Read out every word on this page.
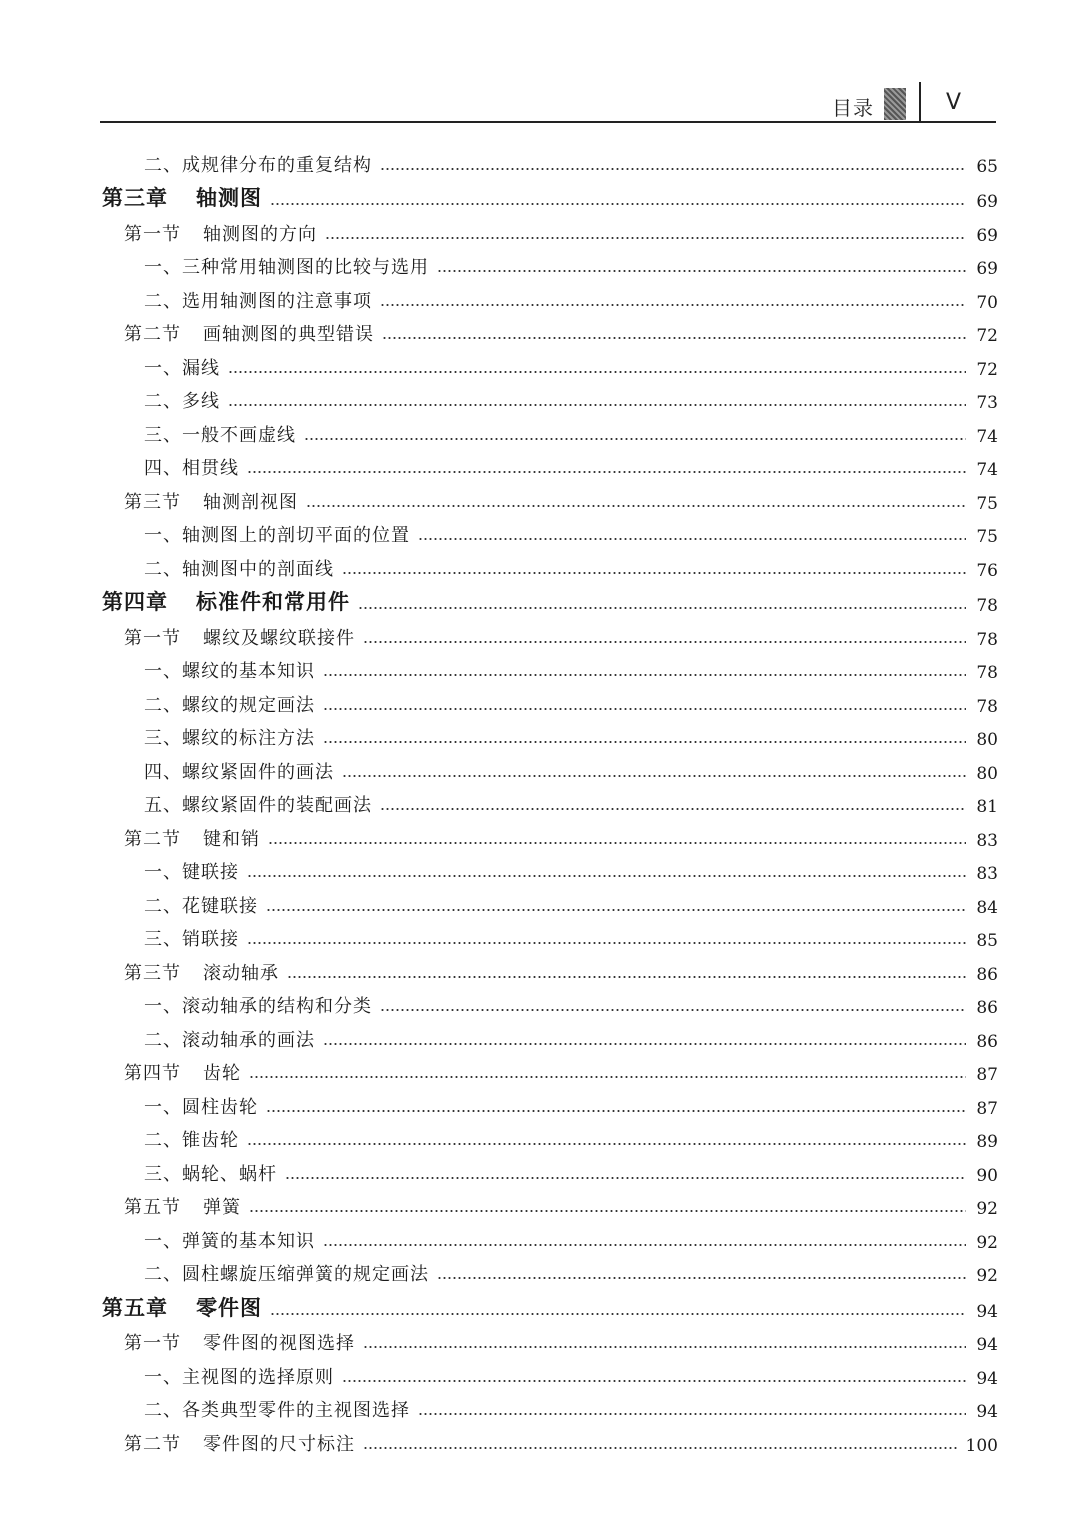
目录	V
二、成规律分布的重复结构	65
第三章 轴测图	69
第一节 轴测图的方向	69
一、三种常用轴测图的比较与选用	69
二、选用轴测图的注意事项	70
第二节 画轴测图的典型错误	72
一、漏线	72
二、多线	73
三、一般不画虚线	74
四、相贯线	74
第三节 轴测剖视图	75
一、轴测图上的剖切平面的位置	75
二、轴测图中的剖面线	76
第四章 标准件和常用件	78
第一节 螺纹及螺纹联接件	78
一、螺纹的基本知识	78
二、螺纹的规定画法	78
三、螺纹的标注方法	80
四、螺纹紧固件的画法	80
五、螺纹紧固件的装配画法	81
第二节 键和销	83
一、键联接	83
二、花键联接	84
三、销联接	85
第三节 滚动轴承	86
一、滚动轴承的结构和分类	86
二、滚动轴承的画法	86
第四节 齿轮	87
一、圆柱齿轮	87
二、锥齿轮	89
三、蜗轮、蜗杆	90
第五节 弹簧	92
一、弹簧的基本知识	92
二、圆柱螺旋压缩弹簧的规定画法	92
第五章 零件图	94
第一节 零件图的视图选择	94
一、主视图的选择原则	94
二、各类典型零件的主视图选择	94
第二节 零件图的尺寸标注	100
